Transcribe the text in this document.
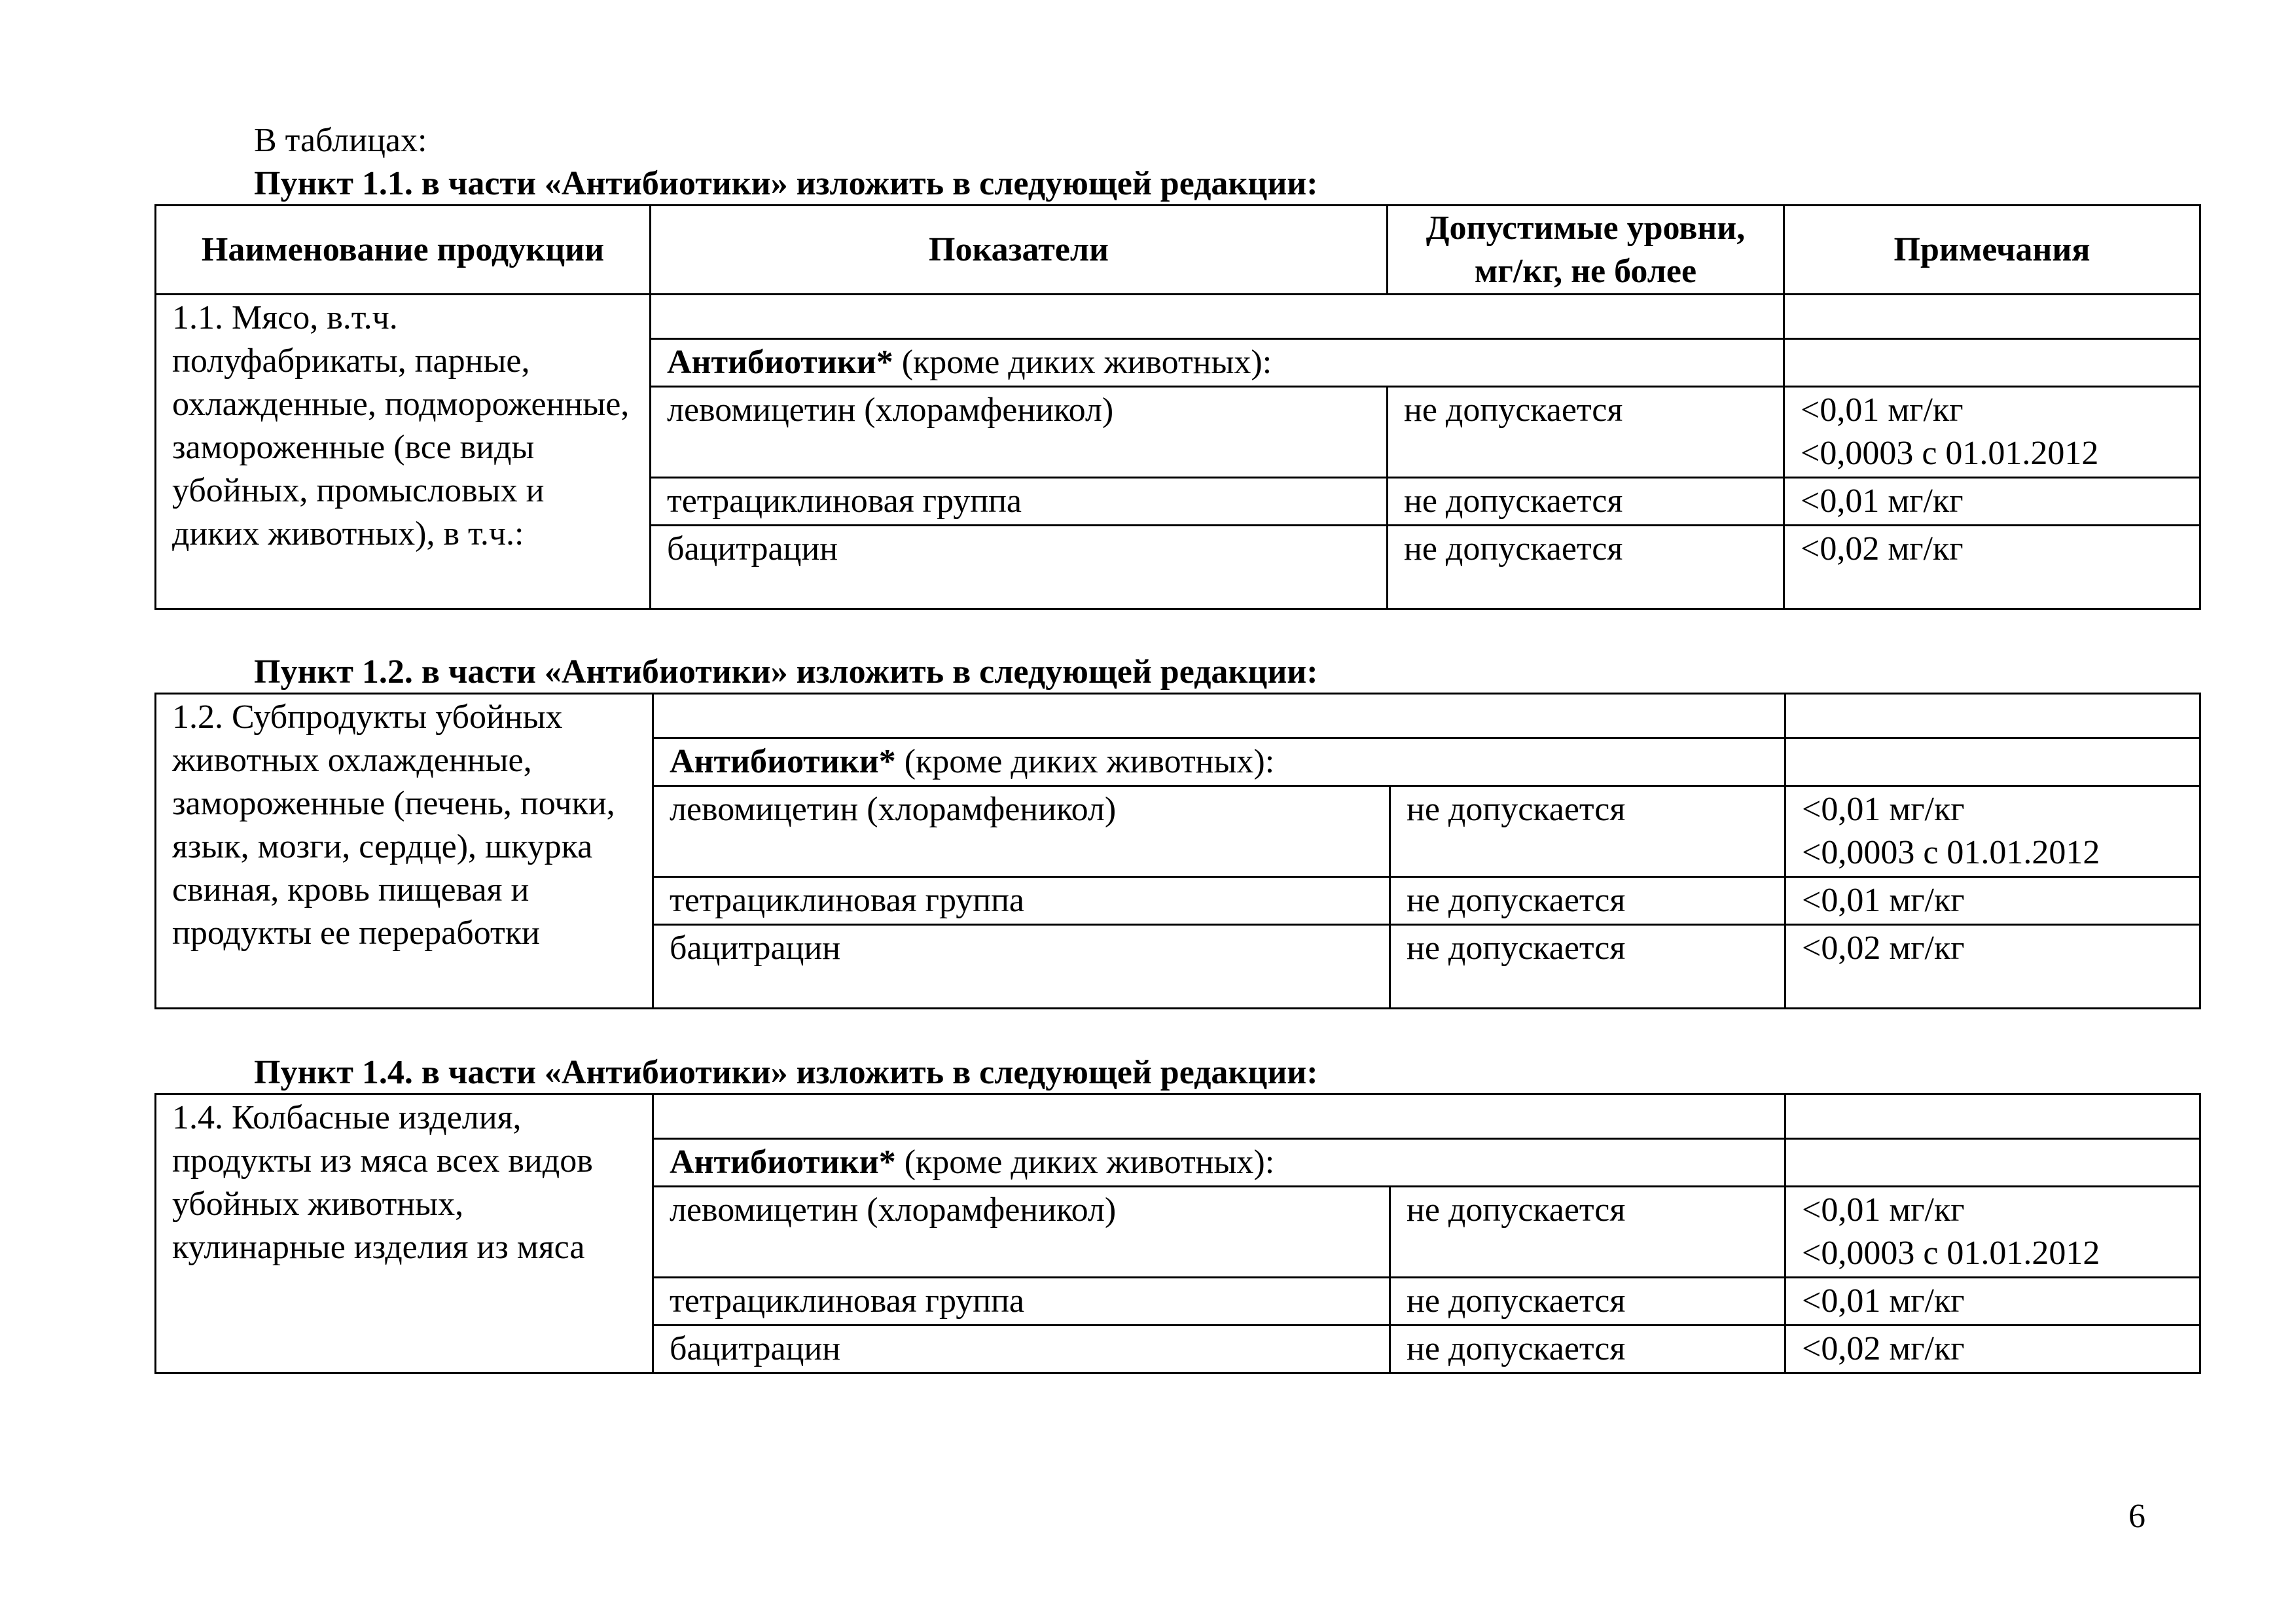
В таблицах:
Пункт 1.1. в части «Антибиотики» изложить в следующей редакции:
Наименование продукции	Показатели	Допустимые уровни, мг/кг, не более	Примечания
1.1. Мясо, в.т.ч. полуфабрикаты, парные, охлажденные, подмороженные, замороженные (все виды убойных, промысловых и диких животных), в т.ч.:			
	Антибиотики* (кроме диких животных):		
	левомицетин (хлорамфеникол)	не допускается	<0,01 мг/кг
<0,0003 с 01.01.2012

	тетрациклиновая группа	не допускается	<0,01 мг/кг
	бацитрацин	не допускается	<0,02 мг/кг
Пункт 1.2. в части «Антибиотики» изложить в следующей редакции:
1.2. Субпродукты убойных животных охлажденные, замороженные (печень, почки, язык, мозги, сердце), шкурка свиная, кровь пищевая и продукты ее переработки			
	Антибиотики* (кроме диких животных):		
	левомицетин (хлорамфеникол)	не допускается	<0,01 мг/кг
<0,0003 с 01.01.2012

	тетрациклиновая группа	не допускается	<0,01 мг/кг
	бацитрацин	не допускается	<0,02 мг/кг
Пункт 1.4. в части «Антибиотики» изложить в следующей редакции:
1.4. Колбасные изделия, продукты из мяса всех видов убойных животных, кулинарные изделия из мяса			
	Антибиотики* (кроме диких животных):		
	левомицетин (хлорамфеникол)	не допускается	<0,01 мг/кг
<0,0003 с 01.01.2012

	тетрациклиновая группа	не допускается	<0,01 мг/кг
	бацитрацин	не допускается	<0,02 мг/кг
6
